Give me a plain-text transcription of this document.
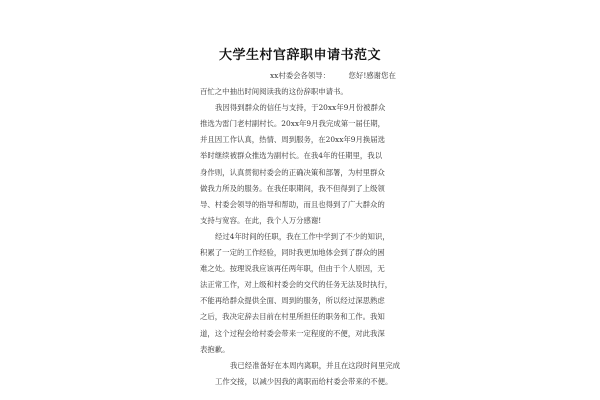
大学生村官辞职申请书范文
xx村委会各领导：　　　您好!感谢您在
百忙之中抽出时间阅读我的这份辞职申请书。
我因得到群众的信任与支持，于20xx年9月份被群众
推选为雷门老村副村长。20xx年9月我完成第一届任期，
并且因工作认真，热情、周到服务，在20xx年9月换届选
举时继续被群众推选为副村长。在我4年的任期里，我以
身作则，认真贯彻村委会的正确决策和部署，为村里群众
做我力所及的服务。在我任职期间，我不但得到了上级领
导、村委会领导的指导和帮助，而且也得到了广大群众的
支持与宽容。在此，我个人万分感谢!
经过4年时间的任职，我在工作中学到了不少的知识，
积累了一定的工作经验，同时我更加地体会到了群众的困
难之处。按理说我应该再任两年职，但由于个人原因，无
法正常工作，对上级和村委会的交代的任务无法及时执行，
不能再给群众提供全面、周到的服务，所以经过深思熟虑
之后，我决定辞去目前在村里所担任的职务和工作。我知
道，这个过程会给村委会带来一定程度的不便，对此我深
表抱歉。
我已经准备好在本周内离职，并且在这段时间里完成
工作交接，以减少因我的离职而给村委会带来的不便。
